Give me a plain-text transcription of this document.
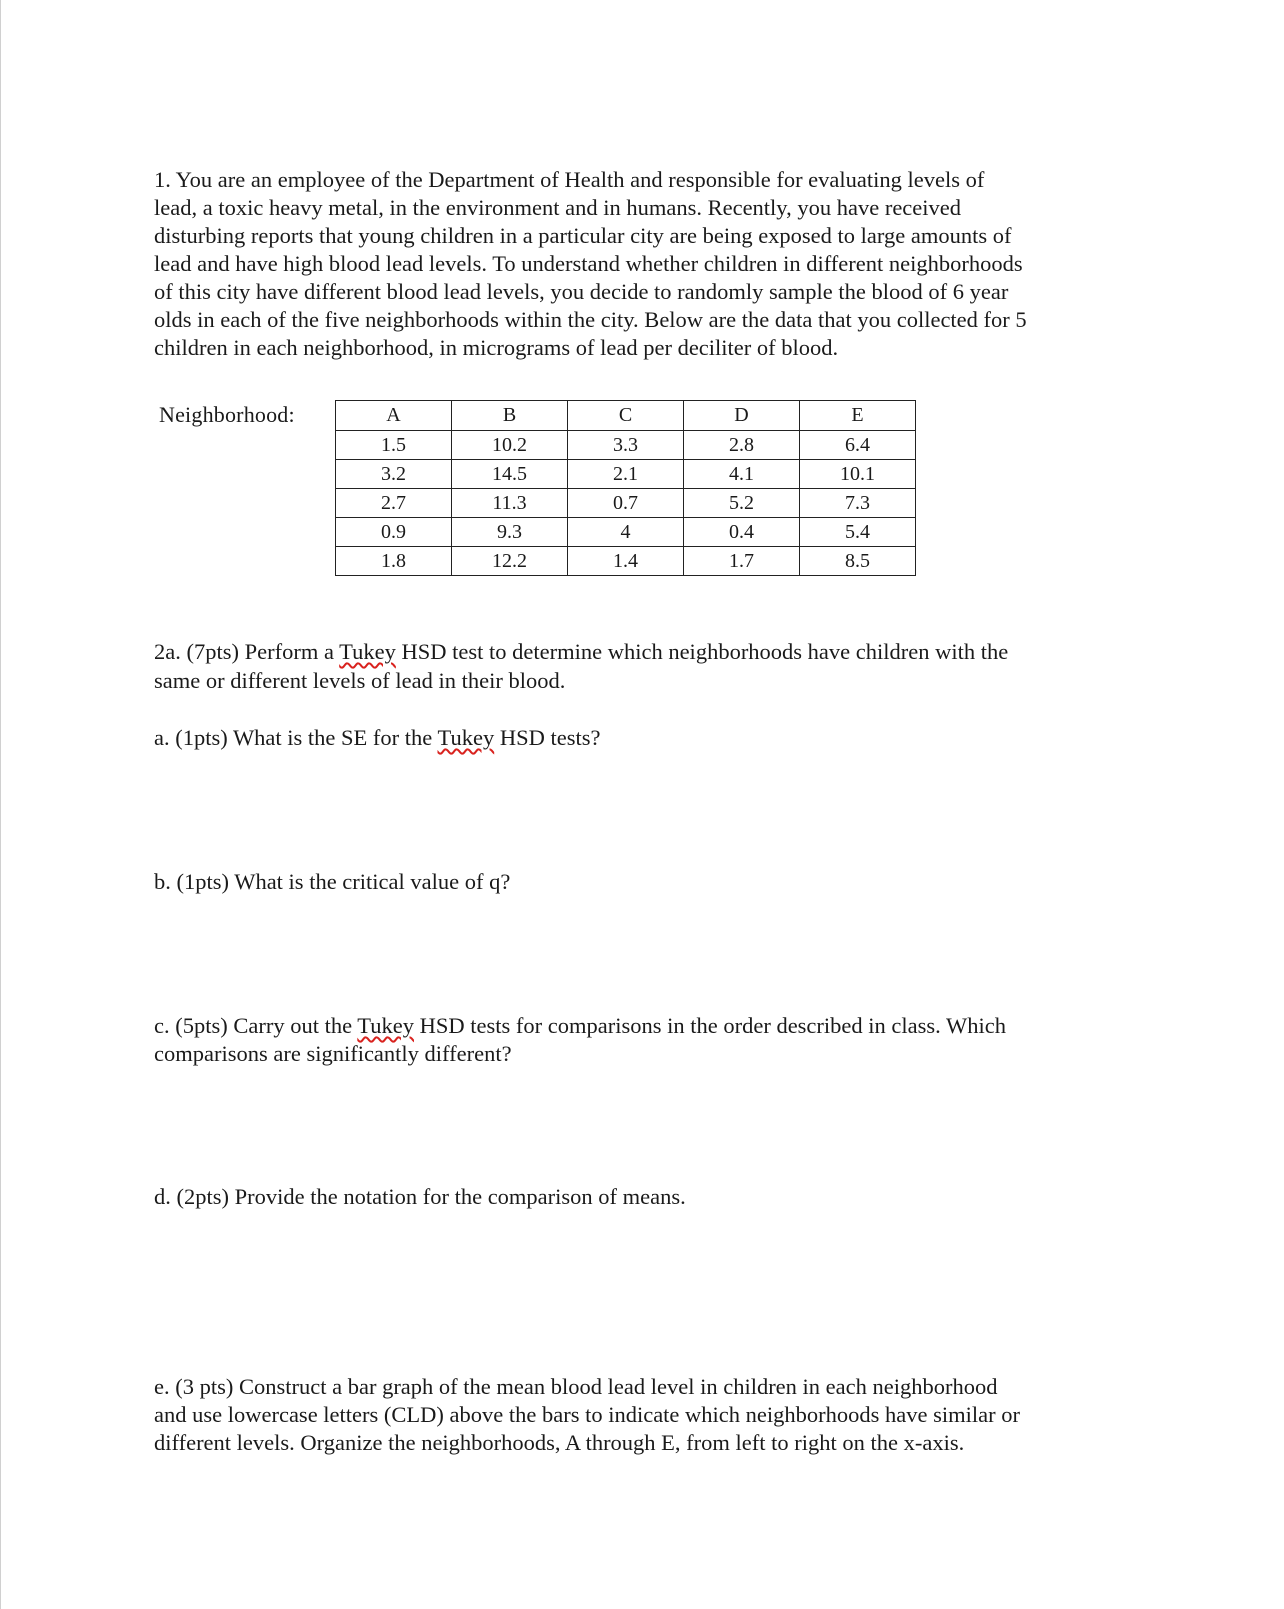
1. You are an employee of the Department of Health and responsible for evaluating levels of
lead, a toxic heavy metal, in the environment and in humans. Recently, you have received
disturbing reports that young children in a particular city are being exposed to large amounts of
lead and have high blood lead levels. To understand whether children in different neighborhoods
of this city have different blood lead levels, you decide to randomly sample the blood of 6 year
olds in each of the five neighborhoods within the city. Below are the data that you collected for 5
children in each neighborhood, in micrograms of lead per deciliter of blood.

Neighborhood:	A	B	C	D	E
1.5	10.2	3.3	2.8	6.4
3.2	14.5	2.1	4.1	10.1
2.7	11.3	0.7	5.2	7.3
0.9	9.3	4	0.4	5.4
1.8	12.2	1.4	1.7	8.5

2a. (7pts) Perform a Tukey HSD test to determine which neighborhoods have children with the
same or different levels of lead in their blood.

a. (1pts) What is the SE for the Tukey HSD tests?

b. (1pts) What is the critical value of q?

c. (5pts) Carry out the Tukey HSD tests for comparisons in the order described in class. Which
comparisons are significantly different?

d. (2pts) Provide the notation for the comparison of means.

e. (3 pts) Construct a bar graph of the mean blood lead level in children in each neighborhood
and use lowercase letters (CLD) above the bars to indicate which neighborhoods have similar or
different levels. Organize the neighborhoods, A through E, from left to right on the x-axis.
